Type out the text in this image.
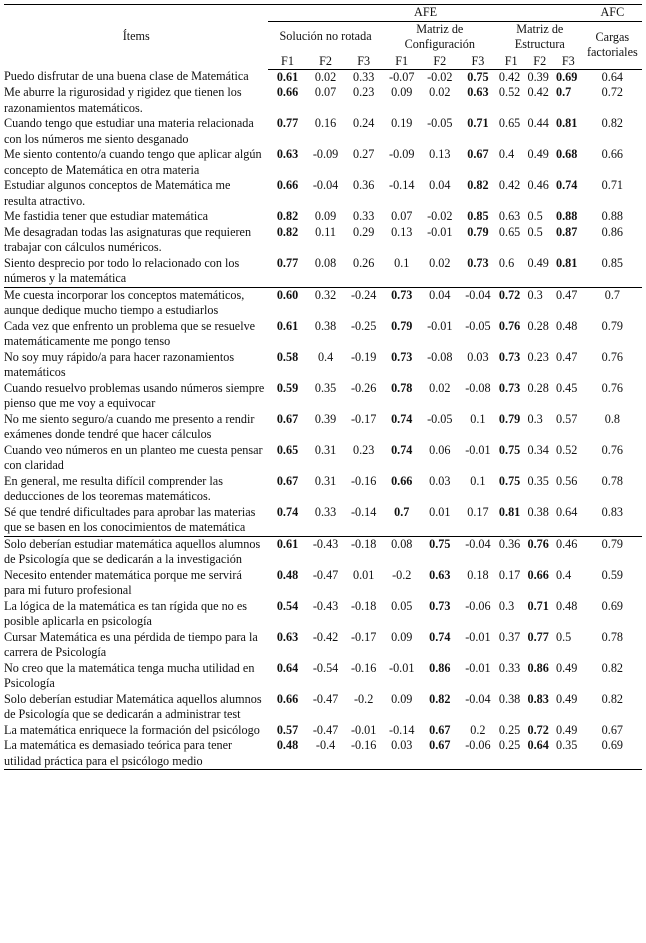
Ítems	AFE									AFC
	Solución no rotada			Matriz de Configuración			Matriz de Estructura			Cargas factoriales
	F1	F2	F3	F1	F2	F3	F1	F2	F3	
Puedo disfrutar de una buena clase de Matemática	0.61	0.02	0.33	-0.07	-0.02	0.75	0.42	0.39	0.69	0.64
Me aburre la rigurosidad y rigidez que tienen los razonamientos matemáticos.	0.66	0.07	0.23	0.09	0.02	0.63	0.52	0.42	0.7	0.72
Cuando tengo que estudiar una materia relacionada con los números me siento desganado	0.77	0.16	0.24	0.19	-0.05	0.71	0.65	0.44	0.81	0.82
Me siento contento/a cuando tengo que aplicar algún concepto de Matemática en otra materia	0.63	-0.09	0.27	-0.09	0.13	0.67	0.4	0.49	0.68	0.66
Estudiar algunos conceptos de Matemática me resulta atractivo.	0.66	-0.04	0.36	-0.14	0.04	0.82	0.42	0.46	0.74	0.71
Me fastidia tener que estudiar matemática	0.82	0.09	0.33	0.07	-0.02	0.85	0.63	0.5	0.88	0.88
Me desagradan todas las asignaturas que requieren trabajar con cálculos numéricos.	0.82	0.11	0.29	0.13	-0.01	0.79	0.65	0.5	0.87	0.86
Siento desprecio por todo lo relacionado con los números y la matemática	0.77	0.08	0.26	0.1	0.02	0.73	0.6	0.49	0.81	0.85
Me cuesta incorporar los conceptos matemáticos, aunque dedique mucho tiempo a estudiarlos	0.60	0.32	-0.24	0.73	0.04	-0.04	0.72	0.3	0.47	0.7
Cada vez que enfrento un problema que se resuelve matemáticamente me pongo tenso	0.61	0.38	-0.25	0.79	-0.01	-0.05	0.76	0.28	0.48	0.79
No soy muy rápido/a para hacer razonamientos matemáticos	0.58	0.4	-0.19	0.73	-0.08	0.03	0.73	0.23	0.47	0.76
Cuando resuelvo problemas usando números siempre pienso que me voy a equivocar	0.59	0.35	-0.26	0.78	0.02	-0.08	0.73	0.28	0.45	0.76
No me siento seguro/a cuando me presento a rendir exámenes donde tendré que hacer cálculos	0.67	0.39	-0.17	0.74	-0.05	0.1	0.79	0.3	0.57	0.8
Cuando veo números en un planteo me cuesta pensar con claridad	0.65	0.31	0.23	0.74	0.06	-0.01	0.75	0.34	0.52	0.76
En general, me resulta difícil comprender las deducciones de los teoremas matemáticos.	0.67	0.31	-0.16	0.66	0.03	0.1	0.75	0.35	0.56	0.78
Sé que tendré dificultades para aprobar las materias que se basen en los conocimientos de matemática	0.74	0.33	-0.14	0.7	0.01	0.17	0.81	0.38	0.64	0.83
Solo deberían estudiar matemática aquellos alumnos de Psicología que se dedicarán a la investigación	0.61	-0.43	-0.18	0.08	0.75	-0.04	0.36	0.76	0.46	0.79
Necesito entender matemática porque me servirá para mi futuro profesional	0.48	-0.47	0.01	-0.2	0.63	0.18	0.17	0.66	0.4	0.59
La lógica de la matemática es tan rígida que no es posible aplicarla en psicología	0.54	-0.43	-0.18	0.05	0.73	-0.06	0.3	0.71	0.48	0.69
Cursar Matemática es una pérdida de tiempo para la carrera de Psicología	0.63	-0.42	-0.17	0.09	0.74	-0.01	0.37	0.77	0.5	0.78
No creo que la matemática tenga mucha utilidad en Psicología	0.64	-0.54	-0.16	-0.01	0.86	-0.01	0.33	0.86	0.49	0.82
Solo deberían estudiar Matemática aquellos alumnos de Psicología que se dedicarán a administrar test	0.66	-0.47	-0.2	0.09	0.82	-0.04	0.38	0.83	0.49	0.82
La matemática enriquece la formación del psicólogo	0.57	-0.47	-0.01	-0.14	0.67	0.2	0.25	0.72	0.49	0.67
La matemática es demasiado teórica para tener utilidad práctica para el psicólogo medio	0.48	-0.4	-0.16	0.03	0.67	-0.06	0.25	0.64	0.35	0.69
